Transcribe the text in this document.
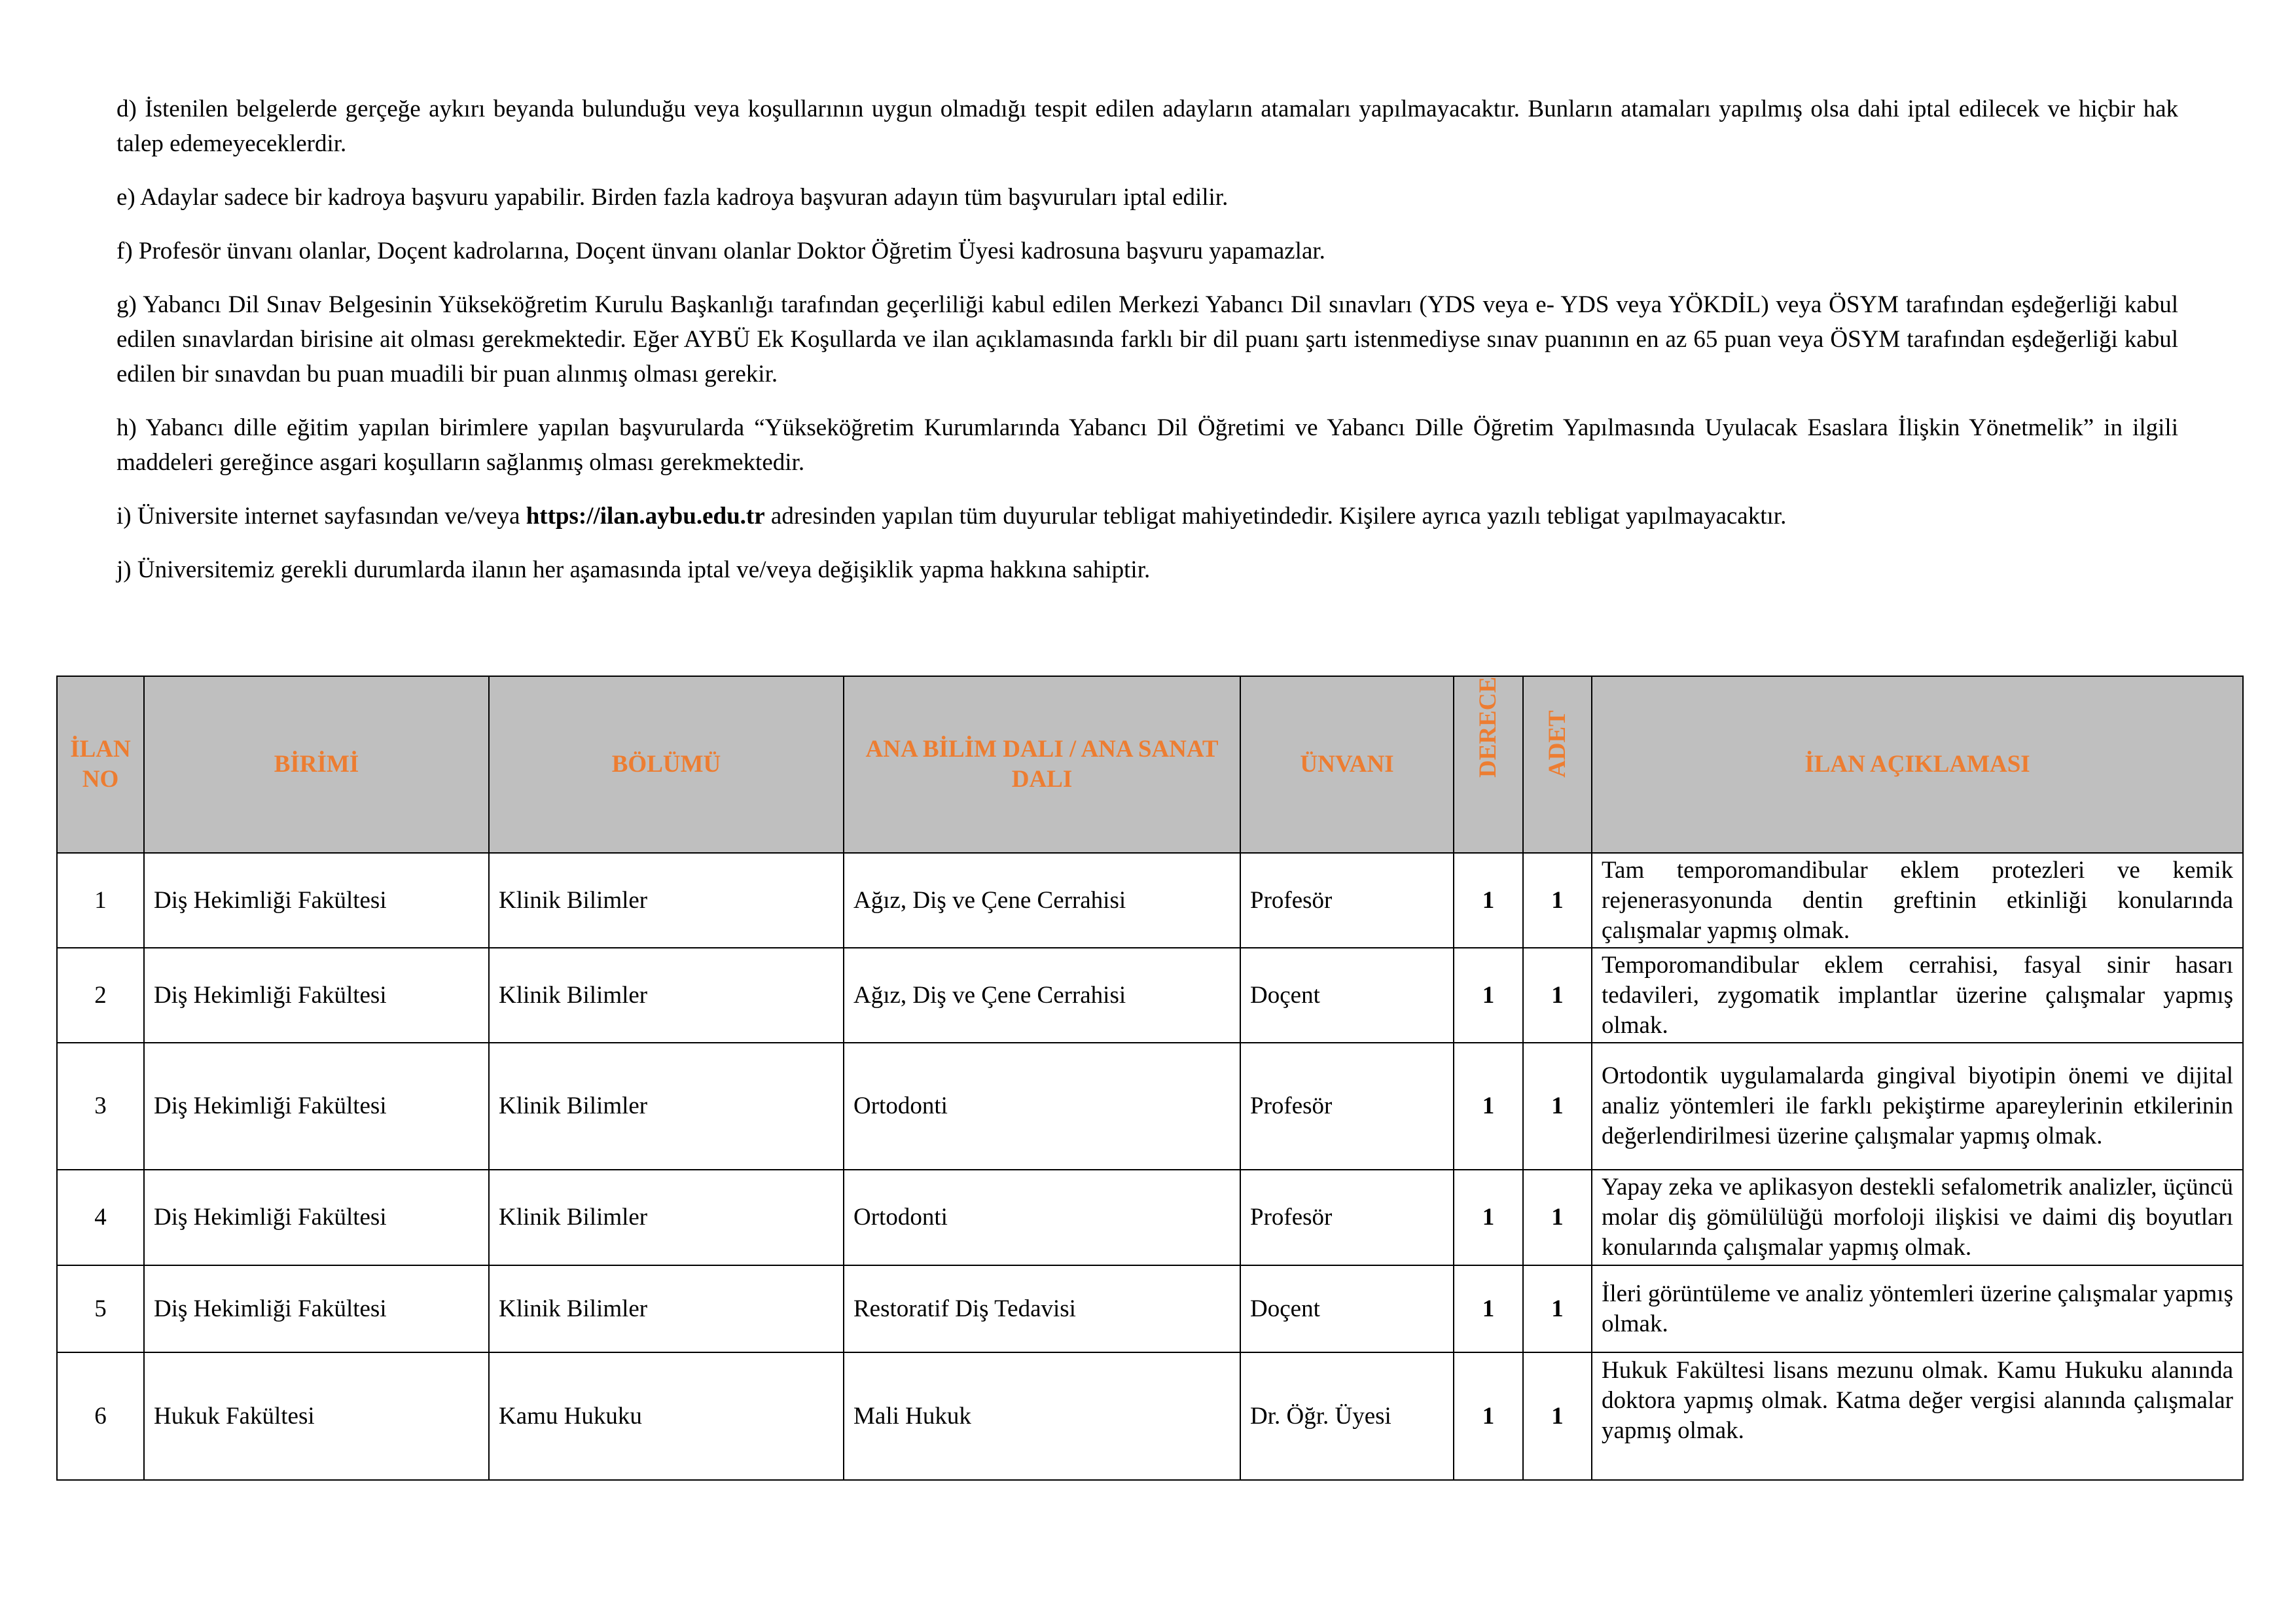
d) İstenilen belgelerde gerçeğe aykırı beyanda bulunduğu veya koşullarının uygun olmadığı tespit edilen adayların atamaları yapılmayacaktır. Bunların atamaları yapılmış olsa dahi iptal edilecek ve hiçbir hak talep edemeyeceklerdir.

e) Adaylar sadece bir kadroya başvuru yapabilir. Birden fazla kadroya başvuran adayın tüm başvuruları iptal edilir.

f) Profesör ünvanı olanlar, Doçent kadrolarına, Doçent ünvanı olanlar Doktor Öğretim Üyesi kadrosuna başvuru yapamazlar.

g) Yabancı Dil Sınav Belgesinin Yükseköğretim Kurulu Başkanlığı tarafından geçerliliği kabul edilen Merkezi Yabancı Dil sınavları (YDS veya e- YDS veya YÖKDİL) veya ÖSYM tarafından eşdeğerliği kabul edilen sınavlardan birisine ait olması gerekmektedir. Eğer AYBÜ Ek Koşullarda ve ilan açıklamasında farklı bir dil puanı şartı istenmediyse sınav puanının en az 65 puan veya ÖSYM tarafından eşdeğerliği kabul edilen bir sınavdan bu puan muadili bir puan alınmış olması gerekir.

h) Yabancı dille eğitim yapılan birimlere yapılan başvurularda “Yükseköğretim Kurumlarında Yabancı Dil Öğretimi ve Yabancı Dille Öğretim Yapılmasında Uyulacak Esaslara İlişkin Yönetmelik” in ilgili maddeleri gereğince asgari koşulların sağlanmış olması gerekmektedir.

i) Üniversite internet sayfasından ve/veya https://ilan.aybu.edu.tr adresinden yapılan tüm duyurular tebligat mahiyetindedir. Kişilere ayrıca yazılı tebligat yapılmayacaktır.

j) Üniversitemiz gerekli durumlarda ilanın her aşamasında iptal ve/veya değişiklik yapma hakkına sahiptir.

İLAN NO	BİRİMİ	BÖLÜMÜ	ANA BİLİM DALI / ANA SANAT DALI	ÜNVANI	DERECE	ADET	İLAN AÇIKLAMASI
1	Diş Hekimliği Fakültesi	Klinik Bilimler	Ağız, Diş ve Çene Cerrahisi	Profesör	1	1	Tam temporomandibular eklem protezleri ve kemik rejenerasyonunda dentin greftinin etkinliği konularında çalışmalar yapmış olmak.
2	Diş Hekimliği Fakültesi	Klinik Bilimler	Ağız, Diş ve Çene Cerrahisi	Doçent	1	1	Temporomandibular eklem cerrahisi, fasyal sinir hasarı tedavileri, zygomatik implantlar üzerine çalışmalar yapmış olmak.
3	Diş Hekimliği Fakültesi	Klinik Bilimler	Ortodonti	Profesör	1	1	Ortodontik uygulamalarda gingival biyotipin önemi ve dijital analiz yöntemleri ile farklı pekiştirme apareylerinin etkilerinin değerlendirilmesi üzerine çalışmalar yapmış olmak.
4	Diş Hekimliği Fakültesi	Klinik Bilimler	Ortodonti	Profesör	1	1	Yapay zeka ve aplikasyon destekli sefalometrik analizler, üçüncü molar diş gömülülüğü morfoloji ilişkisi ve daimi diş boyutları konularında çalışmalar yapmış olmak.
5	Diş Hekimliği Fakültesi	Klinik Bilimler	Restoratif Diş Tedavisi	Doçent	1	1	İleri görüntüleme ve analiz yöntemleri üzerine çalışmalar yapmış olmak.
6	Hukuk Fakültesi	Kamu Hukuku	Mali Hukuk	Dr. Öğr. Üyesi	1	1	Hukuk Fakültesi lisans mezunu olmak. Kamu Hukuku alanında doktora yapmış olmak. Katma değer vergisi alanında çalışmalar yapmış olmak.
